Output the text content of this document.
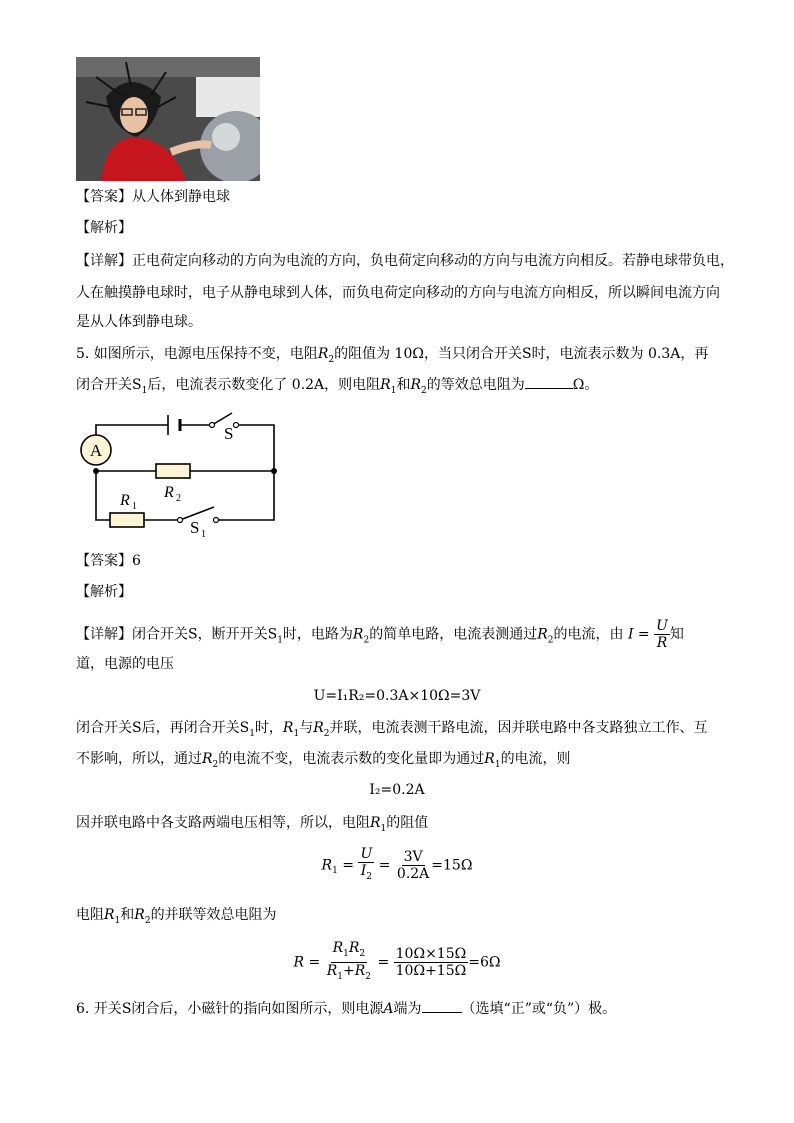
【答案】从人体到静电球
【解析】
【详解】正电荷定向移动的方向为电流的方向，负电荷定向移动的方向与电流方向相反。若静电球带负电，
人在触摸静电球时，电子从静电球到人体，而负电荷定向移动的方向与电流方向相反，所以瞬间电流方向
是从人体到静电球。
5. 如图所示，电源电压保持不变，电阻$R_2$的阻值为 10Ω，当只闭合开关S时，电流表示数为 0.3A，再
闭合开关$S_1$后，电流表示数变化了 0.2A，则电阻$R_1$和$R_2$的等效总电阻为	Ω。
A
S
R 2
R 1
S 1
【答案】6
【解析】
【详解】闭合开关S，断开开关$S_1$时，电路为$R_2$的简单电路，电流表测通过$R_2$的电流，由 $I = \frac{U}{R}$ 知
道，电源的电压
U=I₁R₂=0.3A×10Ω=3V
闭合开关S后，再闭合开关$S_1$时，$R_1$与$R_2$并联，电流表测干路电流，因并联电路中各支路独立工作、互
不影响，所以，通过$R_2$的电流不变，电流表示数的变化量即为通过$R_1$的电流，则
I₂=0.2A
因并联电路中各支路两端电压相等，所以，电阻$R_1$的阻值
$R_1 = \frac{U}{I_2} = \frac{3V}{0.2A} =15\Omega$
电阻$R_1$和$R_2$的并联等效总电阻为
$R = \frac{R_1R_2}{R_1+R_2} = \frac{10\Omega\times 15\Omega}{10\Omega+15\Omega} =6\Omega$
6. 开关S闭合后，小磁针的指向如图所示，则电源A端为	（选填“正”或“负”）极。
